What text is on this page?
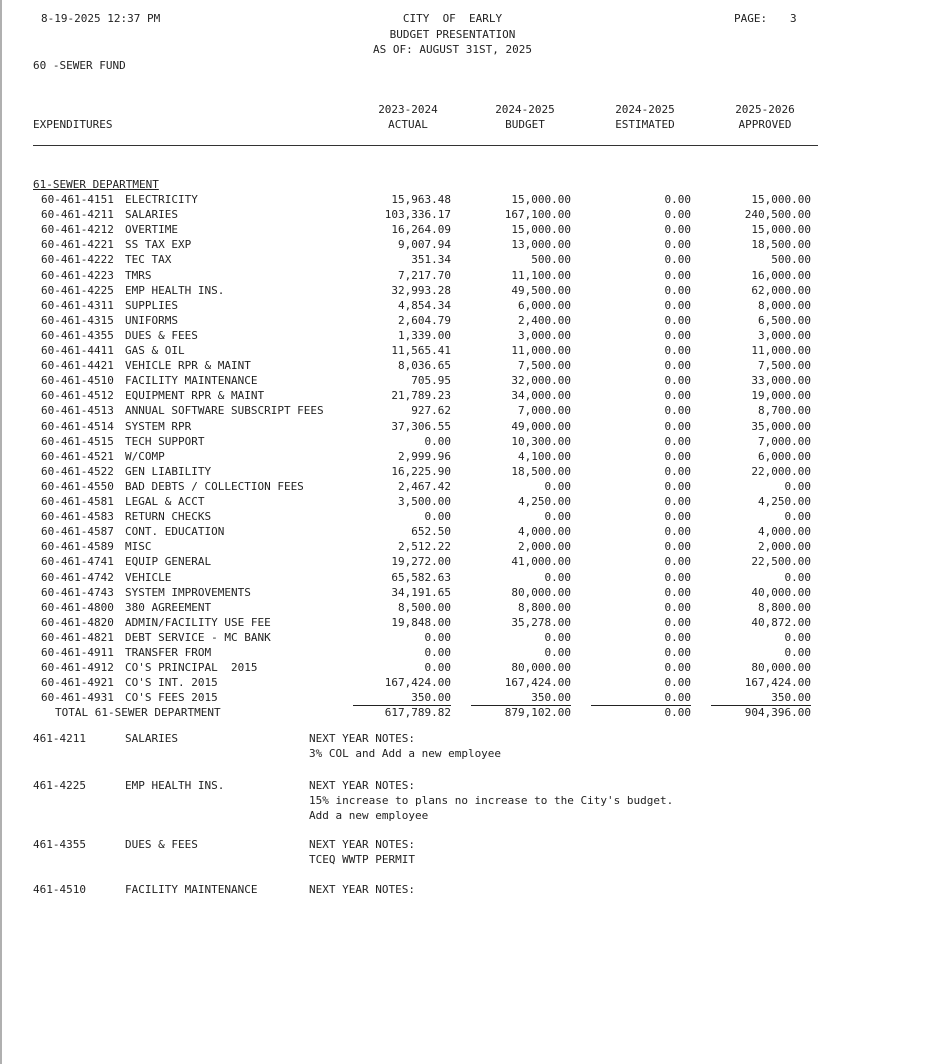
8-19-2025 12:37 PM	CITY  OF  EARLY
BUDGET PRESENTATION
AS OF: AUGUST 31ST, 2025
PAGE: 3
60 -SEWER FUND
EXPENDITURES
2023-2024
ACTUAL
2024-2025
BUDGET
2024-2025
ESTIMATED
2025-2026
APPROVED
61-SEWER DEPARTMENT
60-461-4151 ELECTRICITY	15,963.48	15,000.00	0.00	15,000.00
60-461-4211 SALARIES	103,336.17	167,100.00	0.00	240,500.00
60-461-4212 OVERTIME	16,264.09	15,000.00	0.00	15,000.00
60-461-4221 SS TAX EXP	9,007.94	13,000.00	0.00	18,500.00
60-461-4222 TEC TAX	351.34	500.00	0.00	500.00
60-461-4223 TMRS	7,217.70	11,100.00	0.00	16,000.00
60-461-4225 EMP HEALTH INS.	32,993.28	49,500.00	0.00	62,000.00
60-461-4311 SUPPLIES	4,854.34	6,000.00	0.00	8,000.00
60-461-4315 UNIFORMS	2,604.79	2,400.00	0.00	6,500.00
60-461-4355 DUES & FEES	1,339.00	3,000.00	0.00	3,000.00
60-461-4411 GAS & OIL	11,565.41	11,000.00	0.00	11,000.00
60-461-4421 VEHICLE RPR & MAINT	8,036.65	7,500.00	0.00	7,500.00
60-461-4510 FACILITY MAINTENANCE	705.95	32,000.00	0.00	33,000.00
60-461-4512 EQUIPMENT RPR & MAINT	21,789.23	34,000.00	0.00	19,000.00
60-461-4513 ANNUAL SOFTWARE SUBSCRIPT FEES	927.62	7,000.00	0.00	8,700.00
60-461-4514 SYSTEM RPR	37,306.55	49,000.00	0.00	35,000.00
60-461-4515 TECH SUPPORT	0.00	10,300.00	0.00	7,000.00
60-461-4521 W/COMP	2,999.96	4,100.00	0.00	6,000.00
60-461-4522 GEN LIABILITY	16,225.90	18,500.00	0.00	22,000.00
60-461-4550 BAD DEBTS / COLLECTION FEES	2,467.42	0.00	0.00	0.00
60-461-4581 LEGAL & ACCT	3,500.00	4,250.00	0.00	4,250.00
60-461-4583 RETURN CHECKS	0.00	0.00	0.00	0.00
60-461-4587 CONT. EDUCATION	652.50	4,000.00	0.00	4,000.00
60-461-4589 MISC	2,512.22	2,000.00	0.00	2,000.00
60-461-4741 EQUIP GENERAL	19,272.00	41,000.00	0.00	22,500.00
60-461-4742 VEHICLE	65,582.63	0.00	0.00	0.00
60-461-4743 SYSTEM IMPROVEMENTS	34,191.65	80,000.00	0.00	40,000.00
60-461-4800 380 AGREEMENT	8,500.00	8,800.00	0.00	8,800.00
60-461-4820 ADMIN/FACILITY USE FEE	19,848.00	35,278.00	0.00	40,872.00
60-461-4821 DEBT SERVICE - MC BANK	0.00	0.00	0.00	0.00
60-461-4911 TRANSFER FROM	0.00	0.00	0.00	0.00
60-461-4912 CO'S PRINCIPAL  2015	0.00	80,000.00	0.00	80,000.00
60-461-4921 CO'S INT. 2015	167,424.00	167,424.00	0.00	167,424.00
60-461-4931 CO'S FEES 2015	350.00	350.00	0.00	350.00
TOTAL 61-SEWER DEPARTMENT	617,789.82	879,102.00	0.00	904,396.00
461-4211	SALARIES	NEXT YEAR NOTES:
3% COL and Add a new employee
461-4225	EMP HEALTH INS.	NEXT YEAR NOTES:
15% increase to plans no increase to the City's budget.
Add a new employee
461-4355	DUES & FEES	NEXT YEAR NOTES:
TCEQ WWTP PERMIT
461-4510	FACILITY MAINTENANCE	NEXT YEAR NOTES:
